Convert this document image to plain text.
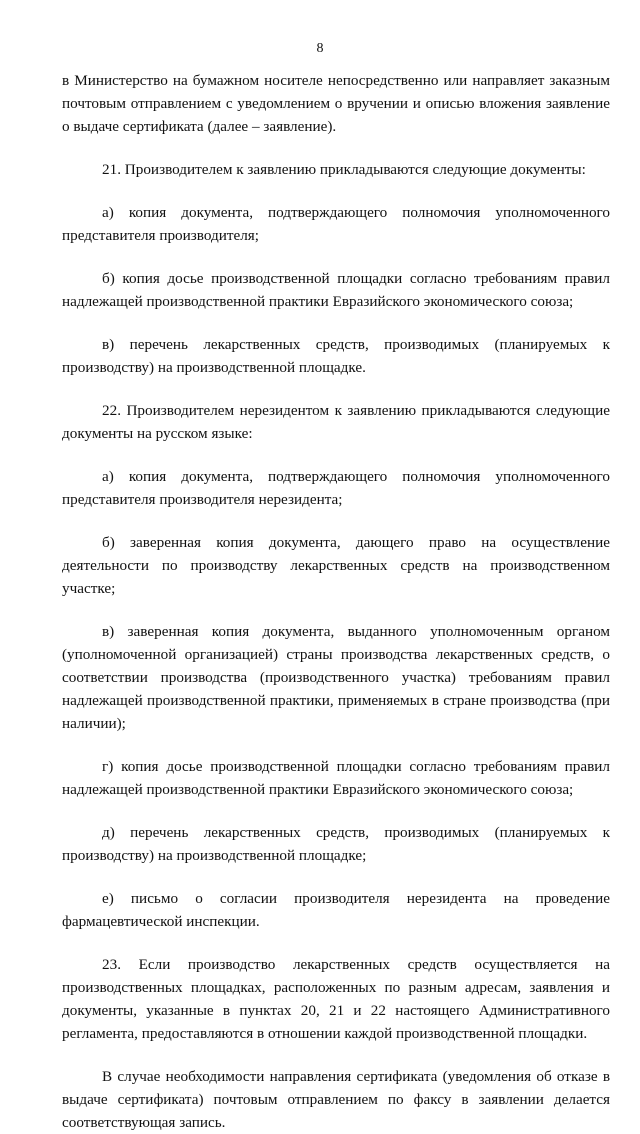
8

в Министерство на бумажном носителе непосредственно или направляет заказным почтовым отправлением с уведомлением о вручении и описью вложения заявление о выдаче сертификата (далее – заявление).

21. Производителем к заявлению прикладываются следующие документы:

а) копия документа, подтверждающего полномочия уполномоченного представителя производителя;

б) копия досье производственной площадки согласно требованиям правил надлежащей производственной практики Евразийского экономического союза;

в) перечень лекарственных средств, производимых (планируемых к производству) на производственной площадке.

22. Производителем нерезидентом к заявлению прикладываются следующие документы на русском языке:

а) копия документа, подтверждающего полномочия уполномоченного представителя производителя нерезидента;

б) заверенная копия документа, дающего право на осуществление деятельности по производству лекарственных средств на производственном участке;

в) заверенная копия документа, выданного уполномоченным органом (уполномоченной организацией) страны производства лекарственных средств, о соответствии производства (производственного участка) требованиям правил надлежащей производственной практики, применяемых в стране производства (при наличии);

г) копия досье производственной площадки согласно требованиям правил надлежащей производственной практики Евразийского экономического союза;

д) перечень лекарственных средств, производимых (планируемых к производству) на производственной площадке;

е) письмо о согласии производителя нерезидента на проведение фармацевтической инспекции.

23. Если производство лекарственных средств осуществляется на производственных площадках, расположенных по разным адресам, заявления и документы, указанные в пунктах 20, 21 и 22 настоящего Административного регламента, предоставляются в отношении каждой производственной площадки.

В случае необходимости направления сертификата (уведомления об отказе в выдаче сертификата) почтовым отправлением по факсу в заявлении делается соответствующая запись.
